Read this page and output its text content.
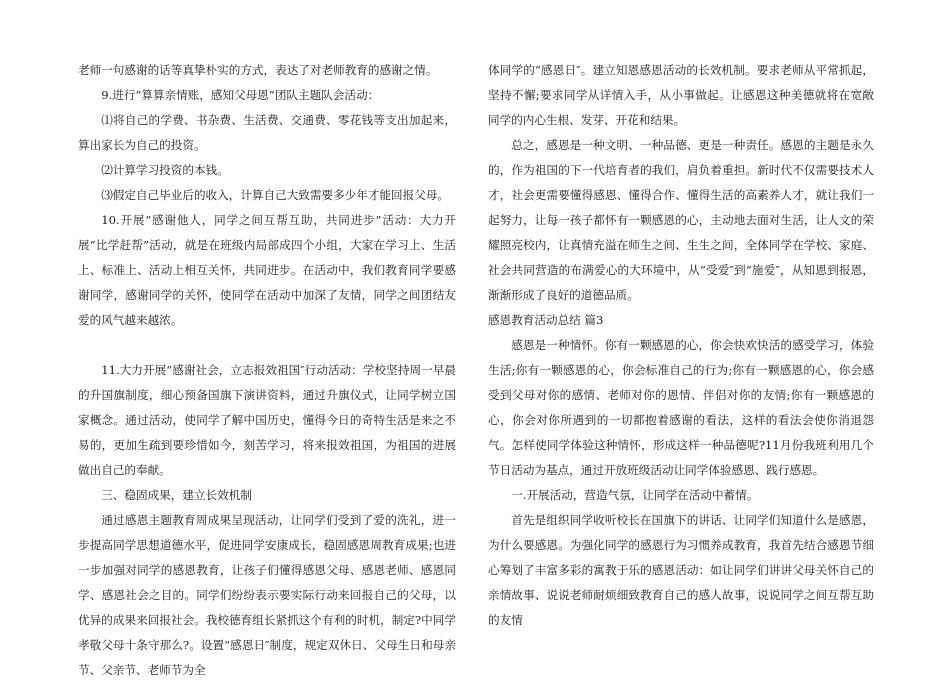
老师一句感谢的话等真挚朴实的方式，表达了对老师教育的感谢之情。

9.进行“算算亲情账，感知父母恩”团队主题队会活动：

⑴将自己的学费、书杂费、生活费、交通费、零花钱等支出加起来，算出家长为自己的投资。

⑵计算学习投资的本钱。

⑶假定自己毕业后的收入，计算自己大致需要多少年才能回报父母。

10.开展“感谢他人，同学之间互帮互助，共同进步”活动：大力开展“比学赶帮”活动，就是在班级内局部成四个小组，大家在学习上、生活上、标准上、活动上相互关怀，共同进步。在活动中，我们教育同学要感谢同学，感谢同学的关怀，使同学在活动中加深了友情，同学之间团结友爱的风气越来越浓。

11.大力开展“感谢社会，立志报效祖国″行动活动：学校坚持周一早晨的升国旗制度，细心预备国旗下演讲资料，通过升旗仪式，让同学树立国家概念。通过活动，使同学了解中国历史，懂得今日的奇特生活是来之不易的，更加生疏到要珍惜如今，刻苦学习，将来报效祖国，为祖国的进展做出自己的奉献。

三、稳固成果，建立长效机制

通过感恩主题教育周成果呈现活动，让同学们受到了爱的洗礼，进一步提高同学思想道德水平，促进同学安康成长，稳固感恩周教育成果;也进一步加强对同学的感恩教育，让孩子们懂得感恩父母、感恩老师、感恩同学、感恩社会之目的。同学们纷纷表示要实际行动来回报自己的父母，以优异的成果来回报社会。我校德育组长紧抓这个有利的时机，制定?中同学孝敬父母十条守那么?。设置“感恩日″制度，规定双休日、父母生日和母亲节、父亲节、老师节为全

体同学的“感恩日″。建立知恩感恩活动的长效机制。要求老师从平常抓起，坚持不懈;要求同学从详情入手，从小事做起。让感恩这种美德就将在宽敞同学的内心生根、发芽、开花和结果。

总之，感恩是一种文明、一种品德、更是一种责任。感恩的主题是永久的，作为祖国的下一代培育者的我们，肩负着重担。新时代不仅需要技术人才，社会更需要懂得感恩、懂得合作、懂得生活的高素养人才，就让我们一起努力，让每一孩子都怀有一颗感恩的心，主动地去面对生活，让人文的荣耀照亮校内，让真情充溢在师生之间、生生之间，全体同学在学校、家庭、社会共同营造的布满爱心的大环境中，从“受爱″到“施爱″，从知恩到报恩，渐渐形成了良好的道德品质。

感恩教育活动总结 篇3

感恩是一种情怀。你有一颗感恩的心，你会快欢快活的感受学习，体验生活;你有一颗感恩的心，你会标准自己的行为;你有一颗感恩的心，你会感受到父母对你的感情、老师对你的恩情、伴侣对你的友情;你有一颗感恩的心，你会对你所遇到的一切都抱着感谢的看法，这样的看法会使你消退怨气。怎样使同学体验这种情怀，形成这样一种品德呢?11月份我班利用几个节日活动为基点，通过开放班级活动让同学体验感恩、践行感恩。

一.开展活动，营造气氛，让同学在活动中蓄情。

首先是组织同学收听校长在国旗下的讲话、让同学们知道什么是感恩，为什么要感恩。为强化同学的感恩行为习惯养成教育，我首先结合感恩节细心筹划了丰富多彩的寓教于乐的感恩活动：如让同学们讲讲父母关怀自己的亲情故事、说说老师耐烦细致教育自己的感人故事，说说同学之间互帮互助的友情
